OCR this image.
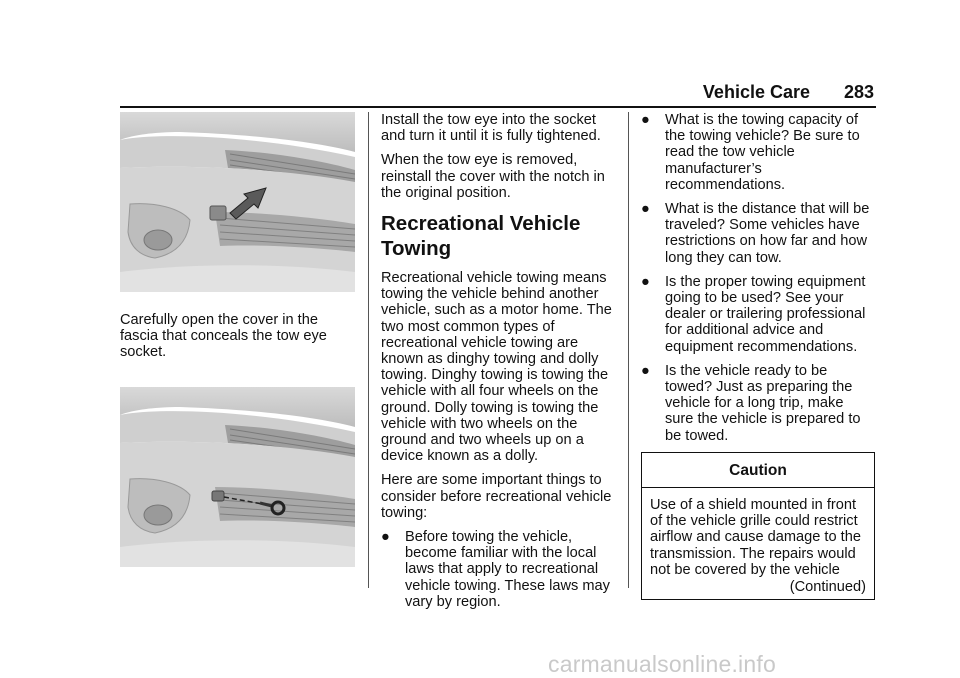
Vehicle Care 283

Carefully open the cover in the fascia that conceals the tow eye socket.

Install the tow eye into the socket and turn it until it is fully tightened.

When the tow eye is removed, reinstall the cover with the notch in the original position.

Recreational Vehicle Towing

Recreational vehicle towing means towing the vehicle behind another vehicle, such as a motor home. The two most common types of recreational vehicle towing are known as dinghy towing and dolly towing. Dinghy towing is towing the vehicle with all four wheels on the ground. Dolly towing is towing the vehicle with two wheels on the ground and two wheels up on a device known as a dolly.

Here are some important things to consider before recreational vehicle towing:

● Before towing the vehicle, become familiar with the local laws that apply to recreational vehicle towing. These laws may vary by region.
● What is the towing capacity of the towing vehicle? Be sure to read the tow vehicle manufacturer’s recommendations.
● What is the distance that will be traveled? Some vehicles have restrictions on how far and how long they can tow.
● Is the proper towing equipment going to be used? See your dealer or trailering professional for additional advice and equipment recommendations.
● Is the vehicle ready to be towed? Just as preparing the vehicle for a long trip, make sure the vehicle is prepared to be towed.
Caution
Use of a shield mounted in front of the vehicle grille could restrict airflow and cause damage to the transmission. The repairs would not be covered by the vehicle
(Continued)
carmanualsonline.info
